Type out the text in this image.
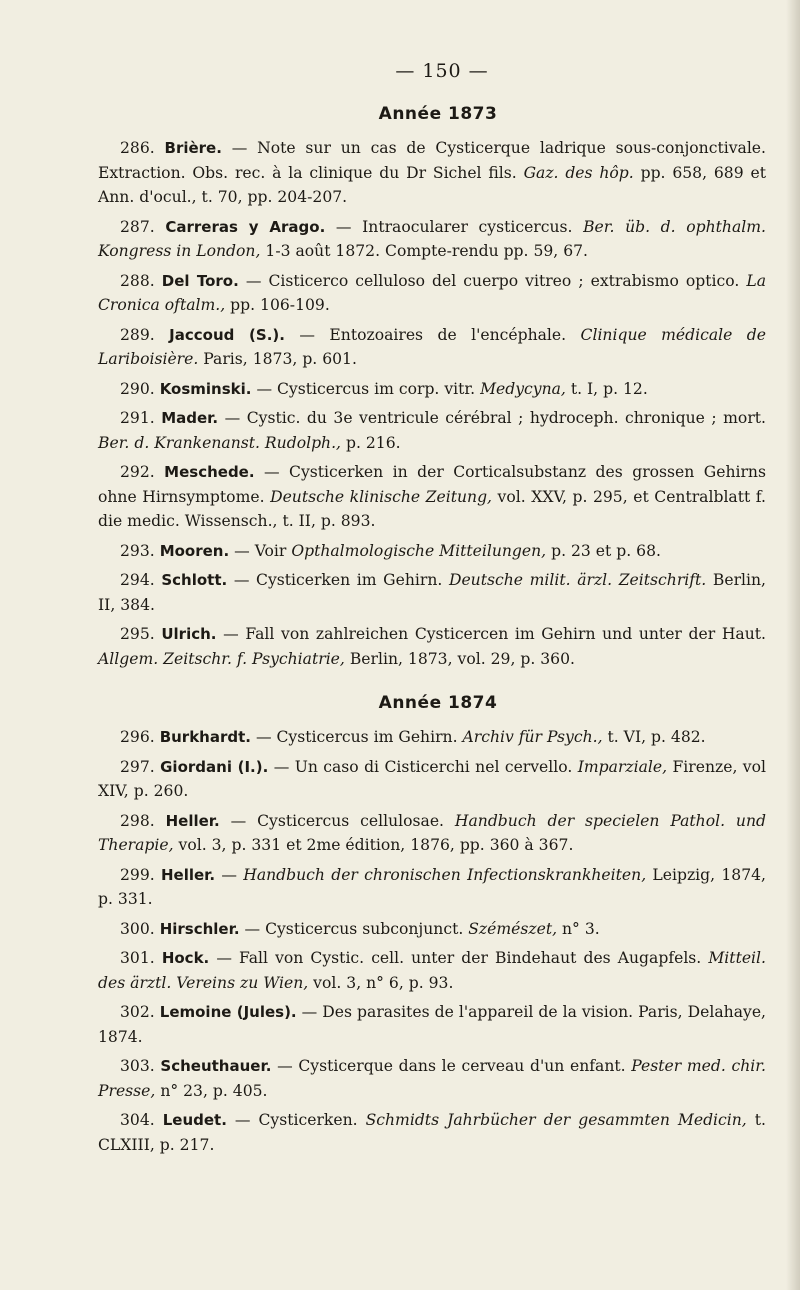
— 150 —
Année 1873

286. Brière. — Note sur un cas de Cysticerque ladrique sous-conjonctivale. Extraction. Obs. rec. à la clinique du Dr Sichel fils. Gaz. des hôp. pp. 658, 689 et Ann. d'ocul., t. 70, pp. 204-207.

287. Carreras y Arago. — Intraocularer cysticercus. Ber. üb. d. ophthalm. Kongress in London, 1-3 août 1872. Compte-rendu pp. 59, 67.

288. Del Toro. — Cisticerco celluloso del cuerpo vitreo ; extrabismo optico. La Cronica oftalm., pp. 106-109.

289. Jaccoud (S.). — Entozoaires de l'encéphale. Clinique médicale de Lariboisière. Paris, 1873, p. 601.

290. Kosminski. — Cysticercus im corp. vitr. Medycyna, t. I, p. 12.

291. Mader. — Cystic. du 3e ventricule cérébral ; hydroceph. chronique ; mort. Ber. d. Krankenanst. Rudolph., p. 216.

292. Meschede. — Cysticerken in der Corticalsubstanz des grossen Gehirns ohne Hirnsymptome. Deutsche klinische Zeitung, vol. XXV, p. 295, et Centralblatt f. die medic. Wissensch., t. II, p. 893.

293. Mooren. — Voir Opthalmologische Mitteilungen, p. 23 et p. 68.

294. Schlott. — Cysticerken im Gehirn. Deutsche milit. ärzl. Zeitschrift. Berlin, II, 384.

295. Ulrich. — Fall von zahlreichen Cysticercen im Gehirn und unter der Haut. Allgem. Zeitschr. f. Psychiatrie, Berlin, 1873, vol. 29, p. 360.

Année 1874

296. Burkhardt. — Cysticercus im Gehirn. Archiv für Psych., t. VI, p. 482.

297. Giordani (I.). — Un caso di Cisticerchi nel cervello. Imparziale, Firenze, vol XIV, p. 260.

298. Heller. — Cysticercus cellulosae. Handbuch der specielen Pathol. und Therapie, vol. 3, p. 331 et 2me édition, 1876, pp. 360 à 367.

299. Heller. — Handbuch der chronischen Infectionskrankheiten, Leipzig, 1874, p. 331.

300. Hirschler. — Cysticercus subconjunct. Szémészet, n° 3.

301. Hock. — Fall von Cystic. cell. unter der Bindehaut des Augapfels. Mitteil. des ärztl. Vereins zu Wien, vol. 3, n° 6, p. 93.

302. Lemoine (Jules). — Des parasites de l'appareil de la vision. Paris, Delahaye, 1874.

303. Scheuthauer. — Cysticerque dans le cerveau d'un enfant. Pester med. chir. Presse, n° 23, p. 405.

304. Leudet. — Cysticerken. Schmidts Jahrbücher der gesammten Medicin, t. CLXIII, p. 217.
